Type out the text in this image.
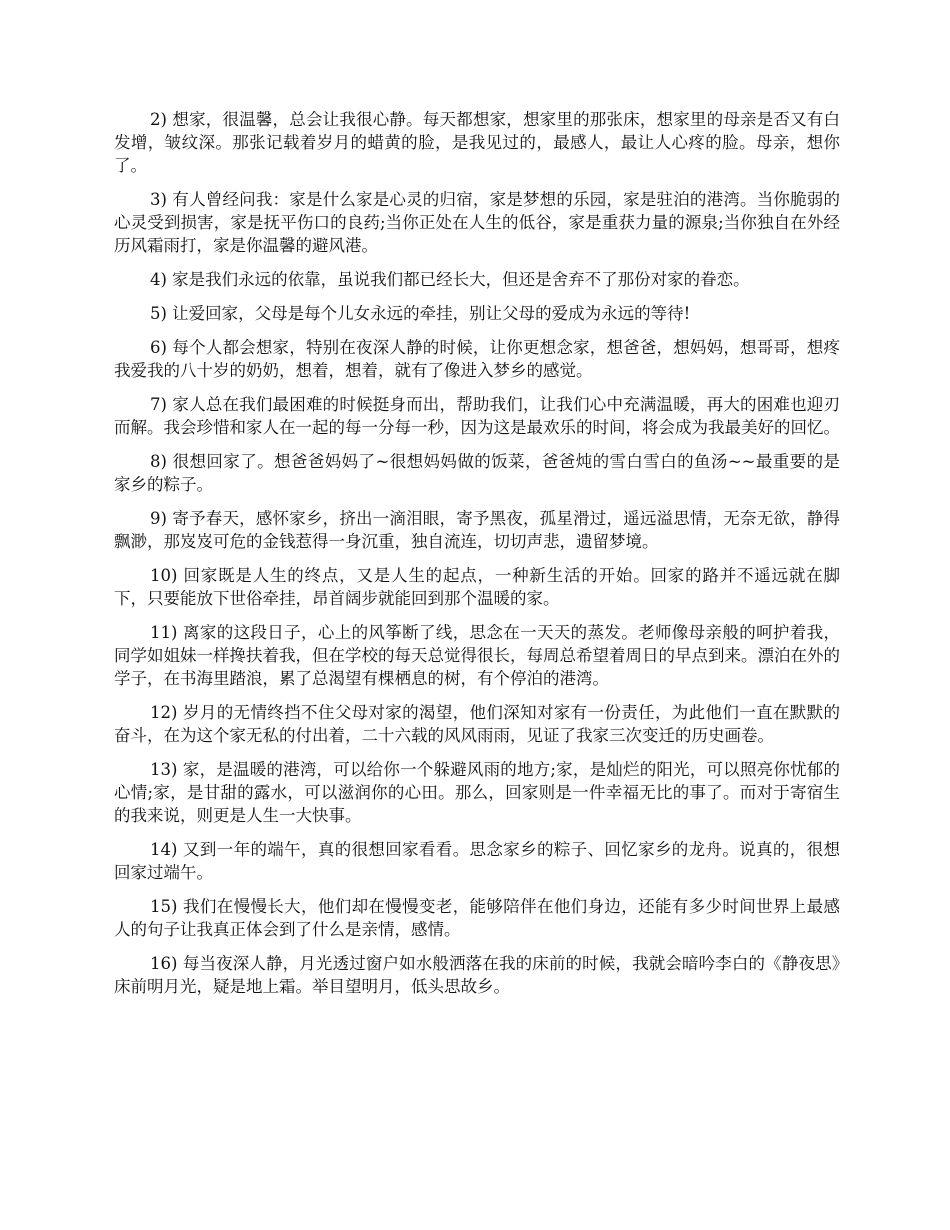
2) 想家，很温馨，总会让我很心静。每天都想家，想家里的那张床，想家里的母亲是否又有白发增，皱纹深。那张记载着岁月的蜡黄的脸，是我见过的，最感人，最让人心疼的脸。母亲，想你了。

3) 有人曾经问我：家是什么家是心灵的归宿，家是梦想的乐园，家是驻泊的港湾。当你脆弱的心灵受到损害，家是抚平伤口的良药;当你正处在人生的低谷，家是重获力量的源泉;当你独自在外经历风霜雨打，家是你温馨的避风港。

4) 家是我们永远的依靠，虽说我们都已经长大，但还是舍弃不了那份对家的眷恋。

5) 让爱回家，父母是每个儿女永远的牵挂，别让父母的爱成为永远的等待!

6) 每个人都会想家，特别在夜深人静的时候，让你更想念家，想爸爸，想妈妈，想哥哥，想疼我爱我的八十岁的奶奶，想着，想着，就有了像进入梦乡的感觉。

7) 家人总在我们最困难的时候挺身而出，帮助我们，让我们心中充满温暖，再大的困难也迎刃而解。我会珍惜和家人在一起的每一分每一秒，因为这是最欢乐的时间，将会成为我最美好的回忆。

8) 很想回家了。想爸爸妈妈了~很想妈妈做的饭菜，爸爸炖的雪白雪白的鱼汤~~最重要的是家乡的粽子。

9) 寄予春天，感怀家乡，挤出一滴泪眼，寄予黑夜，孤星滑过，遥远溢思情，无奈无欲，静得飘渺，那岌岌可危的金钱惹得一身沉重，独自流连，切切声悲，遗留梦境。

10) 回家既是人生的终点，又是人生的起点，一种新生活的开始。回家的路并不遥远就在脚下，只要能放下世俗牵挂，昂首阔步就能回到那个温暖的家。

11) 离家的这段日子，心上的风筝断了线，思念在一天天的蒸发。老师像母亲般的呵护着我，同学如姐妹一样搀扶着我，但在学校的每天总觉得很长，每周总希望着周日的早点到来。漂泊在外的学子，在书海里踏浪，累了总渴望有棵栖息的树，有个停泊的港湾。

12) 岁月的无情终挡不住父母对家的渴望，他们深知对家有一份责任，为此他们一直在默默的奋斗，在为这个家无私的付出着，二十六载的风风雨雨，见证了我家三次变迁的历史画卷。

13) 家，是温暖的港湾，可以给你一个躲避风雨的地方;家，是灿烂的阳光，可以照亮你忧郁的心情;家，是甘甜的露水，可以滋润你的心田。那么，回家则是一件幸福无比的事了。而对于寄宿生的我来说，则更是人生一大快事。

14) 又到一年的端午，真的很想回家看看。思念家乡的粽子、回忆家乡的龙舟。说真的，很想回家过端午。

15) 我们在慢慢长大，他们却在慢慢变老，能够陪伴在他们身边，还能有多少时间世界上最感人的句子让我真正体会到了什么是亲情，感情。

16) 每当夜深人静，月光透过窗户如水般洒落在我的床前的时候，我就会暗吟李白的《静夜思》床前明月光，疑是地上霜。举目望明月，低头思故乡。
